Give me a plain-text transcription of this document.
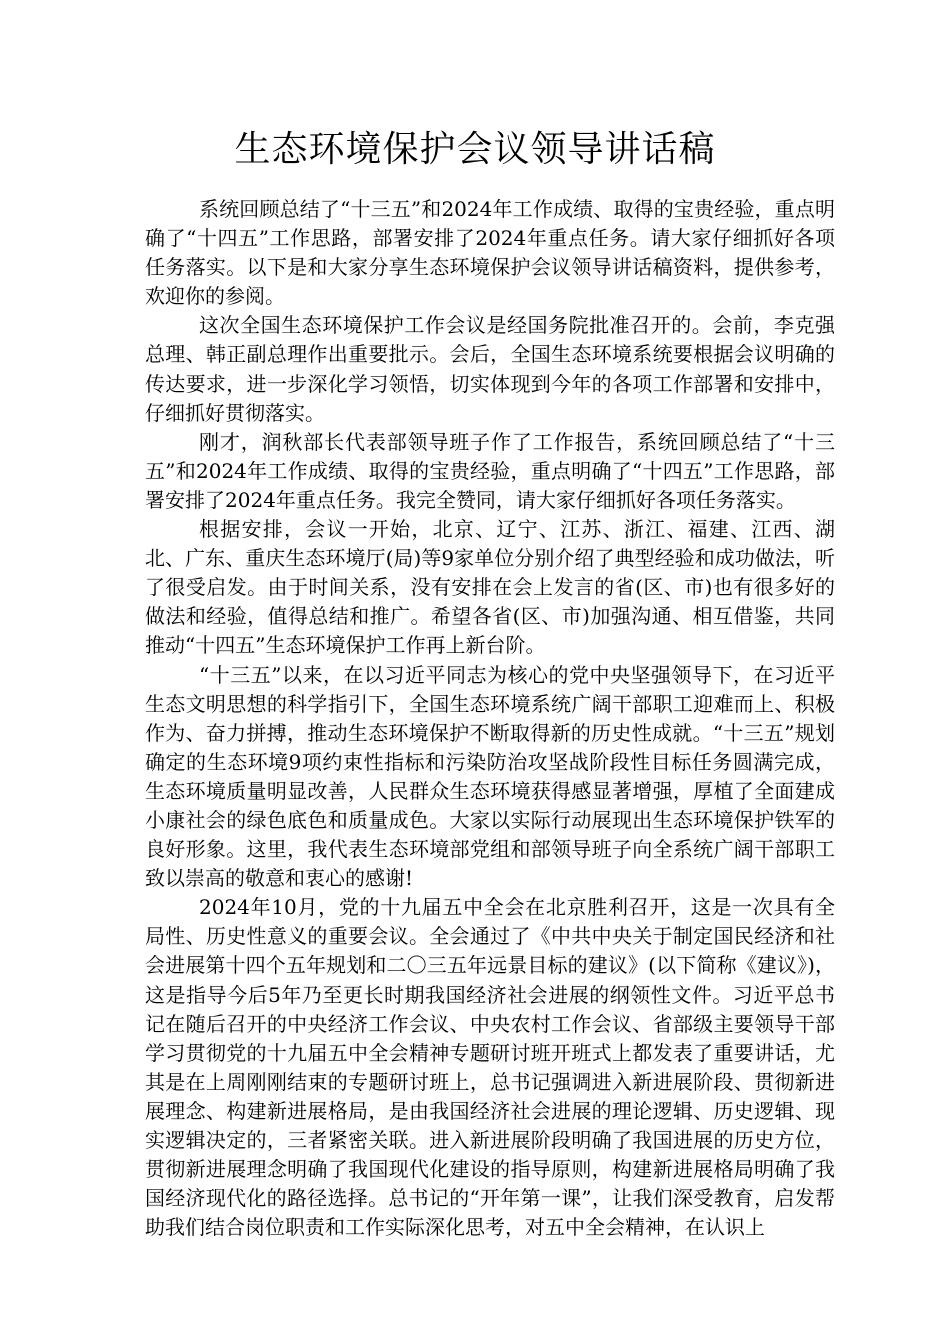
生态环境保护会议领导讲话稿

系统回顾总结了“十三五”和2024年工作成绩、取得的宝贵经验，重点明确了“十四五”工作思路，部署安排了2024年重点任务。请大家仔细抓好各项任务落实。以下是和大家分享生态环境保护会议领导讲话稿资料，提供参考，欢迎你的参阅。

这次全国生态环境保护工作会议是经国务院批准召开的。会前，李克强总理、韩正副总理作出重要批示。会后，全国生态环境系统要根据会议明确的传达要求，进一步深化学习领悟，切实体现到今年的各项工作部署和安排中，仔细抓好贯彻落实。

刚才，润秋部长代表部领导班子作了工作报告，系统回顾总结了“十三五”和2024年工作成绩、取得的宝贵经验，重点明确了“十四五”工作思路，部署安排了2024年重点任务。我完全赞同，请大家仔细抓好各项任务落实。

根据安排，会议一开始，北京、辽宁、江苏、浙江、福建、江西、湖北、广东、重庆生态环境厅(局)等9家单位分别介绍了典型经验和成功做法，听了很受启发。由于时间关系，没有安排在会上发言的省(区、市)也有很多好的做法和经验，值得总结和推广。希望各省(区、市)加强沟通、相互借鉴，共同推动“十四五”生态环境保护工作再上新台阶。

“十三五”以来，在以习近平同志为核心的党中央坚强领导下，在习近平生态文明思想的科学指引下，全国生态环境系统广阔干部职工迎难而上、积极作为、奋力拼搏，推动生态环境保护不断取得新的历史性成就。“十三五”规划确定的生态环境9项约束性指标和污染防治攻坚战阶段性目标任务圆满完成，生态环境质量明显改善，人民群众生态环境获得感显著增强，厚植了全面建成小康社会的绿色底色和质量成色。大家以实际行动展现出生态环境保护铁军的良好形象。这里，我代表生态环境部党组和部领导班子向全系统广阔干部职工致以崇高的敬意和衷心的感谢!

2024年10月，党的十九届五中全会在北京胜利召开，这是一次具有全局性、历史性意义的重要会议。全会通过了《中共中央关于制定国民经济和社会进展第十四个五年规划和二〇三五年远景目标的建议》(以下简称《建议》)，这是指导今后5年乃至更长时期我国经济社会进展的纲领性文件。习近平总书记在随后召开的中央经济工作会议、中央农村工作会议、省部级主要领导干部学习贯彻党的十九届五中全会精神专题研讨班开班式上都发表了重要讲话，尤其是在上周刚刚结束的专题研讨班上，总书记强调进入新进展阶段、贯彻新进展理念、构建新进展格局，是由我国经济社会进展的理论逻辑、历史逻辑、现实逻辑决定的，三者紧密关联。进入新进展阶段明确了我国进展的历史方位，贯彻新进展理念明确了我国现代化建设的指导原则，构建新进展格局明确了我国经济现代化的路径选择。总书记的“开年第一课”，让我们深受教育，启发帮助我们结合岗位职责和工作实际深化思考，对五中全会精神，在认识上
